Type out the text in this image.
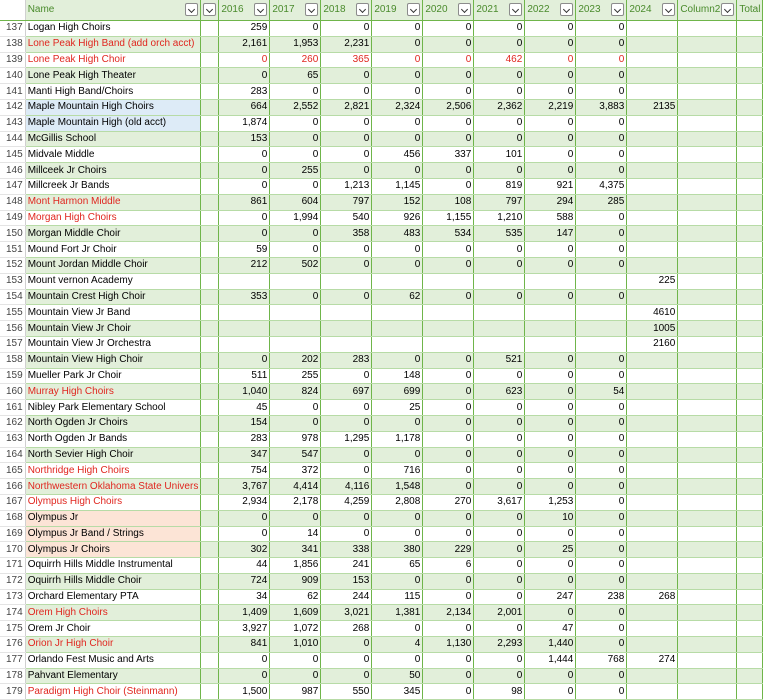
	Name		2016	2017	2018	2019	2020	2021	2022	2023	2024	Column2	Total
137	Logan High Choirs		259	0	0	0	0	0	0	0			
138	Lone Peak High Band (add orch acct)		2,161	1,953	2,231	0	0	0	0	0			
139	Lone Peak High Choir		0	260	365	0	0	462	0	0			
140	Lone Peak High Theater		0	65	0	0	0	0	0	0			
141	Manti High Band/Choirs		283	0	0	0	0	0	0	0			
142	Maple Mountain High Choirs		664	2,552	2,821	2,324	2,506	2,362	2,219	3,883	2135		
143	Maple Mountain High (old acct)		1,874	0	0	0	0	0	0	0			
144	McGillis School		153	0	0	0	0	0	0	0			
145	Midvale Middle		0	0	0	456	337	101	0	0			
146	Millceek Jr Choirs		0	255	0	0	0	0	0	0			
147	Millcreek Jr Bands		0	0	1,213	1,145	0	819	921	4,375			
148	Mont Harmon Middle		861	604	797	152	108	797	294	285			
149	Morgan High Choirs		0	1,994	540	926	1,155	1,210	588	0			
150	Morgan Middle Choir		0	0	358	483	534	535	147	0			
151	Mound Fort Jr Choir		59	0	0	0	0	0	0	0			
152	Mount Jordan Middle Choir		212	502	0	0	0	0	0	0			
153	Mount vernon Academy										225		
154	Mountain Crest High Choir		353	0	0	62	0	0	0	0			
155	Mountain View Jr Band										4610		
156	Mountain View Jr Choir										1005		
157	Mountain View Jr Orchestra										2160		
158	Mountain View High Choir		0	202	283	0	0	521	0	0			
159	Mueller Park Jr Choir		511	255	0	148	0	0	0	0			
160	Murray High Choirs		1,040	824	697	699	0	623	0	54			
161	Nibley Park Elementary School		45	0	0	25	0	0	0	0			
162	North Ogden Jr Choirs		154	0	0	0	0	0	0	0			
163	North Ogden Jr Bands		283	978	1,295	1,178	0	0	0	0			
164	North Sevier High Choir		347	547	0	0	0	0	0	0			
165	Northridge High Choirs		754	372	0	716	0	0	0	0			
166	Northwestern Oklahoma State Univers		3,767	4,414	4,116	1,548	0	0	0	0			
167	Olympus High Choirs		2,934	2,178	4,259	2,808	270	3,617	1,253	0			
168	Olympus Jr		0	0	0	0	0	0	10	0			
169	Olympus Jr Band / Strings		0	14	0	0	0	0	0	0			
170	Olympus Jr Choirs		302	341	338	380	229	0	25	0			
171	Oquirrh Hills Middle Instrumental		44	1,856	241	65	6	0	0	0			
172	Oquirrh Hills Middle Choir		724	909	153	0	0	0	0	0			
173	Orchard Elementary PTA		34	62	244	115	0	0	247	238	268		
174	Orem High Choirs		1,409	1,609	3,021	1,381	2,134	2,001	0	0			
175	Orem Jr Choir		3,927	1,072	268	0	0	0	47	0			
176	Orion Jr High Choir		841	1,010	0	4	1,130	2,293	1,440	0			
177	Orlando Fest Music and Arts		0	0	0	0	0	0	1,444	768	274		
178	Pahvant Elementary		0	0	0	50	0	0	0	0			
179	Paradigm High Choir (Steinmann)		1,500	987	550	345	0	98	0	0			
